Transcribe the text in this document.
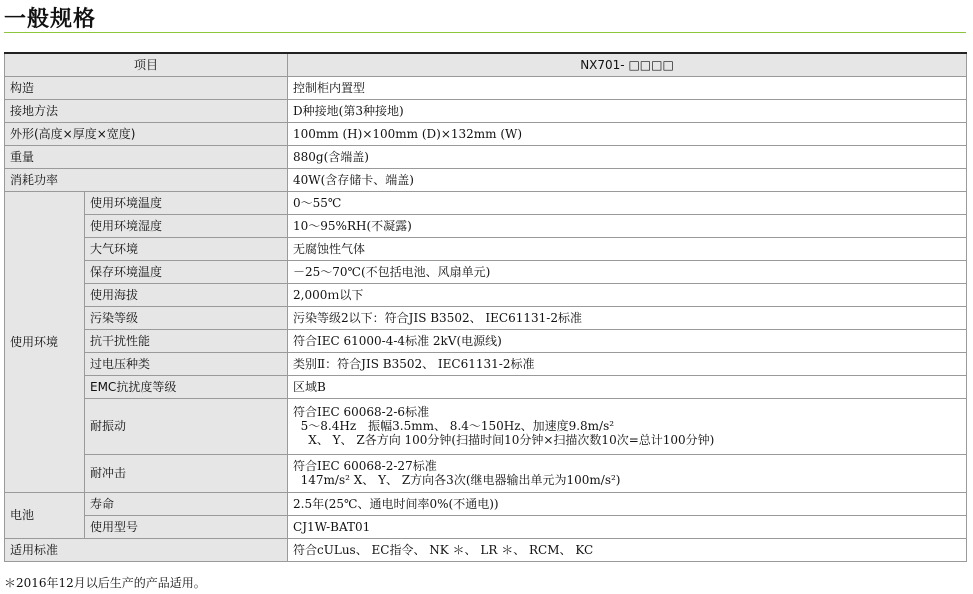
一般规格
项目		NX701- □□□□
构造		控制柜内置型
接地方法		D种接地(第3种接地)
外形(高度×厚度×宽度)		100mm (H)×100mm (D)×132mm (W)
重量		880g(含端盖)
消耗功率		40W(含存储卡、端盖)
使用环境	使用环境温度	0～55℃
	使用环境湿度	10～95%RH(不凝露)
	大气环境	无腐蚀性气体
	保存环境温度	－25～70℃(不包括电池、风扇单元)
	使用海拔	2,000ｍ以下
	污染等级	污染等级2以下：符合JIS B3502、 IEC61131-2标准
	抗干扰性能	符合IEC 61000-4-4标准 2kV(电源线)
	过电压种类	类别Ⅱ：符合JIS B3502、 IEC61131-2标准
	EMC抗扰度等级	区域B
	耐振动	符合IEC 60068-2-6标准
5～8.4Hz　振幅3.5mm、 8.4～150Hz、加速度9.8m/s²
X、 Y、 Z各方向 100分钟(扫描时间10分钟×扫描次数10次=总计100分钟)

	耐冲击	符合IEC 60068-2-27标准
147m/s² X、 Y、 Z方向各3次(继电器输出单元为100m/s²)

电池	寿命	2.5年(25℃、通电时间率0%(不通电))
	使用型号	CJ1W-BAT01
适用标准		符合cULus、 EC指令、 NK ＊、 LR ＊、 RCM、 KC
＊2016年12月以后生产的产品适用。
